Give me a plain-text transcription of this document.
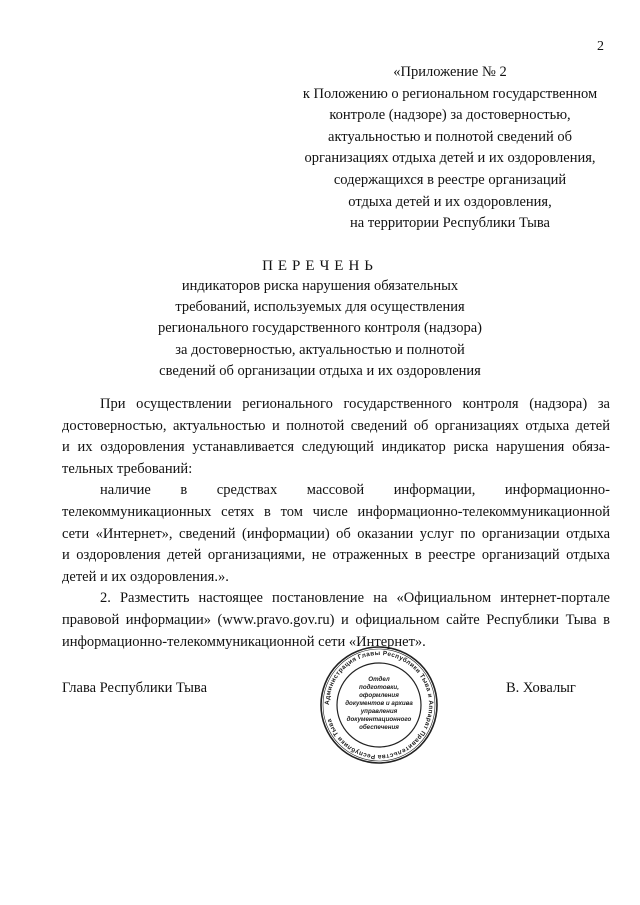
2
«Приложение № 2
к Положению о региональном государственном
контроле (надзоре) за достоверностью,
актуальностью и полнотой сведений об
организациях отдыха детей и их оздоровления,
содержащихся в реестре организаций
отдыха детей и их оздоровления,
на территории Республики Тыва
ПЕРЕЧЕНЬ
индикаторов риска нарушения обязательных
требований, используемых для осуществления
регионального государственного контроля (надзора)
за достоверностью, актуальностью и полнотой
сведений об организации отдыха и их оздоровления
При осуществлении регионального государственного контроля (надзора) за
достоверностью, актуальностью и полнотой сведений об организациях отдыха детей
и их оздоровления устанавливается следующий индикатор риска нарушения обяза-
тельных требований:
наличие в средствах массовой информации, информационно-
телекоммуникационных сетях в том числе информационно-телекоммуникационной
сети «Интернет», сведений (информации) об оказании услуг по организации отдыха
и оздоровления детей организациями, не отраженных в реестре организаций отдыха
детей и их оздоровления.».
2. Разместить настоящее постановление на «Официальном интернет-портале
правовой информации» (www.pravo.gov.ru) и официальном сайте Республики Тыва в
информационно-телекоммуникационной сети «Интернет».
Глава Республики Тыва	В. Ховалыг
Администрация Главы Республики Тыва и Аппарат Правительства Республики Тыва
Отдел
подготовки,
оформления
документов и архива
управления
документационного
обеспечения
